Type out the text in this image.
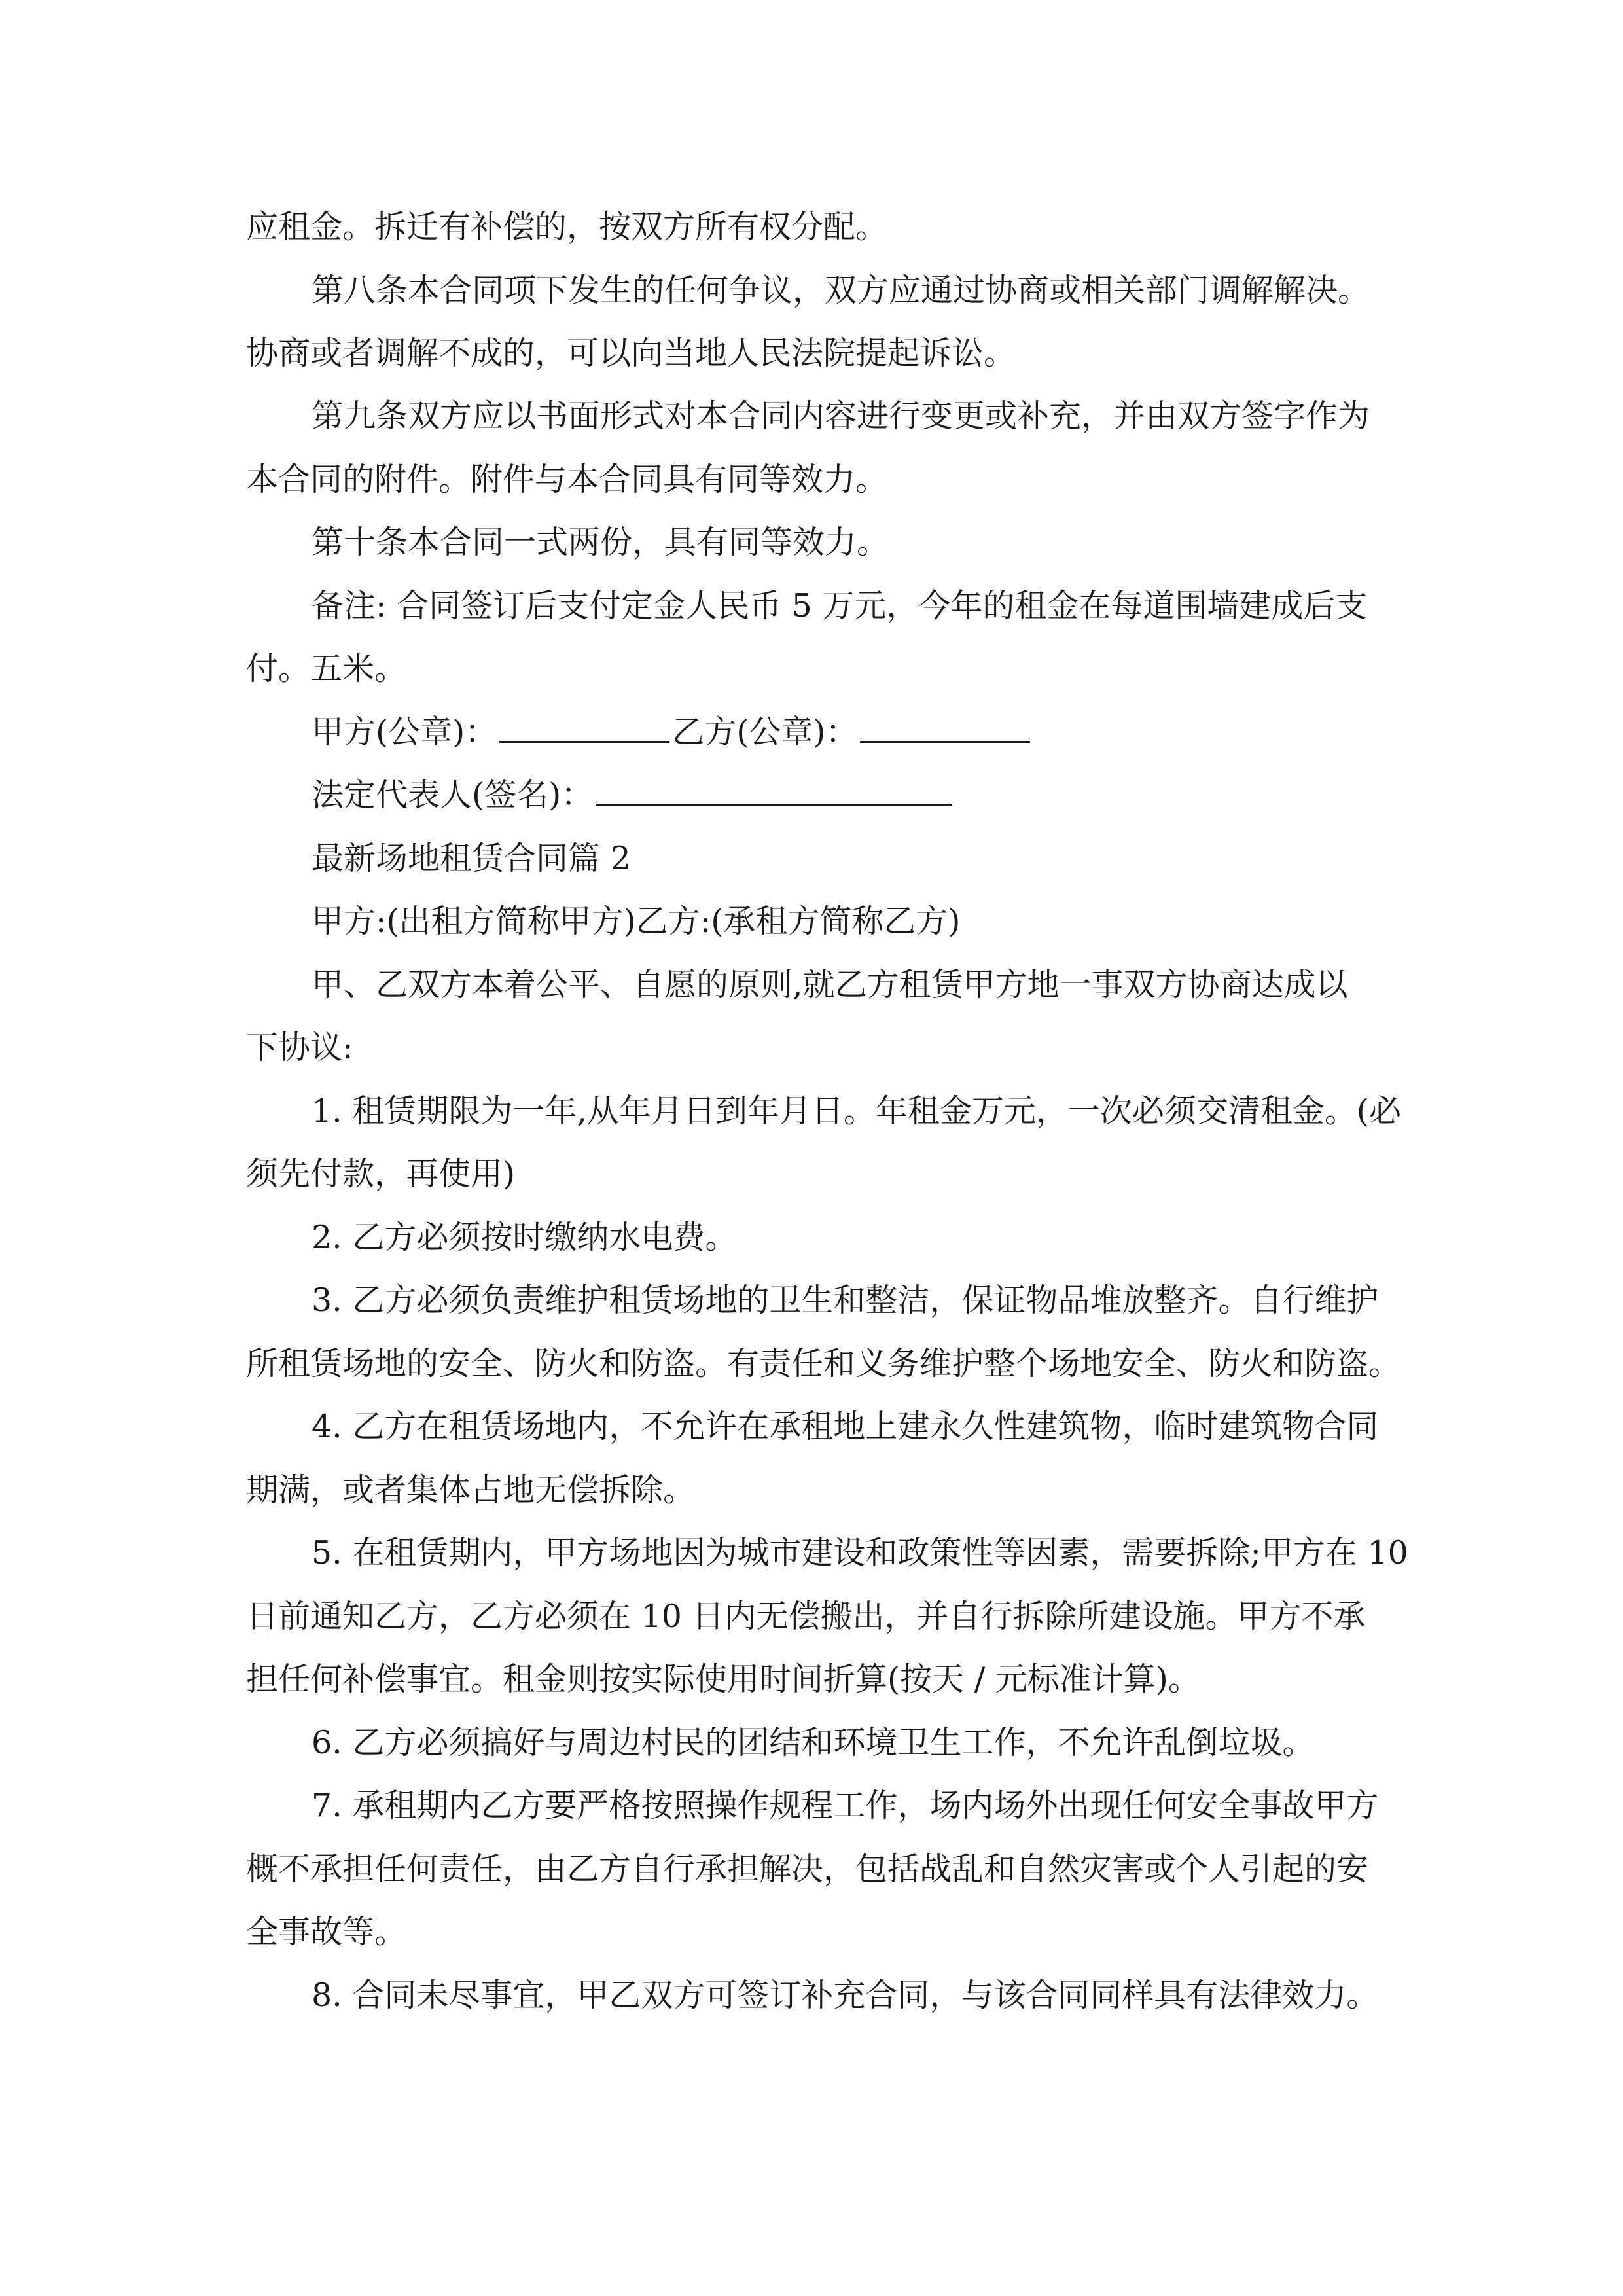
应租金。拆迁有补偿的，按双方所有权分配。
第八条本合同项下发生的任何争议，双方应通过协商或相关部门调解解决。
协商或者调解不成的，可以向当地人民法院提起诉讼。
第九条双方应以书面形式对本合同内容进行变更或补充，并由双方签字作为
本合同的附件。附件与本合同具有同等效力。
第十条本合同一式两份，具有同等效力。
备注: 合同签订后支付定金人民币 5 万元，今年的租金在每道围墙建成后支
付。五米。
甲方(公章)：	乙方(公章)：
法定代表人(签名)：
最新场地租赁合同篇 2
甲方:(出租方简称甲方)乙方:(承租方简称乙方)
甲、乙双方本着公平、自愿的原则,就乙方租赁甲方地一事双方协商达成以
下协议:
1. 租赁期限为一年,从年月日到年月日。年租金万元，一次必须交清租金。(必
须先付款，再使用)
2. 乙方必须按时缴纳水电费。
3. 乙方必须负责维护租赁场地的卫生和整洁，保证物品堆放整齐。自行维护
所租赁场地的安全、防火和防盗。有责任和义务维护整个场地安全、防火和防盗。
4. 乙方在租赁场地内，不允许在承租地上建永久性建筑物，临时建筑物合同
期满，或者集体占地无偿拆除。
5. 在租赁期内，甲方场地因为城市建设和政策性等因素，需要拆除;甲方在 10
日前通知乙方，乙方必须在 10 日内无偿搬出，并自行拆除所建设施。甲方不承
担任何补偿事宜。租金则按实际使用时间折算(按天 / 元标准计算)。
6. 乙方必须搞好与周边村民的团结和环境卫生工作，不允许乱倒垃圾。
7. 承租期内乙方要严格按照操作规程工作，场内场外出现任何安全事故甲方
概不承担任何责任，由乙方自行承担解决，包括战乱和自然灾害或个人引起的安
全事故等。
8. 合同未尽事宜，甲乙双方可签订补充合同，与该合同同样具有法律效力。
